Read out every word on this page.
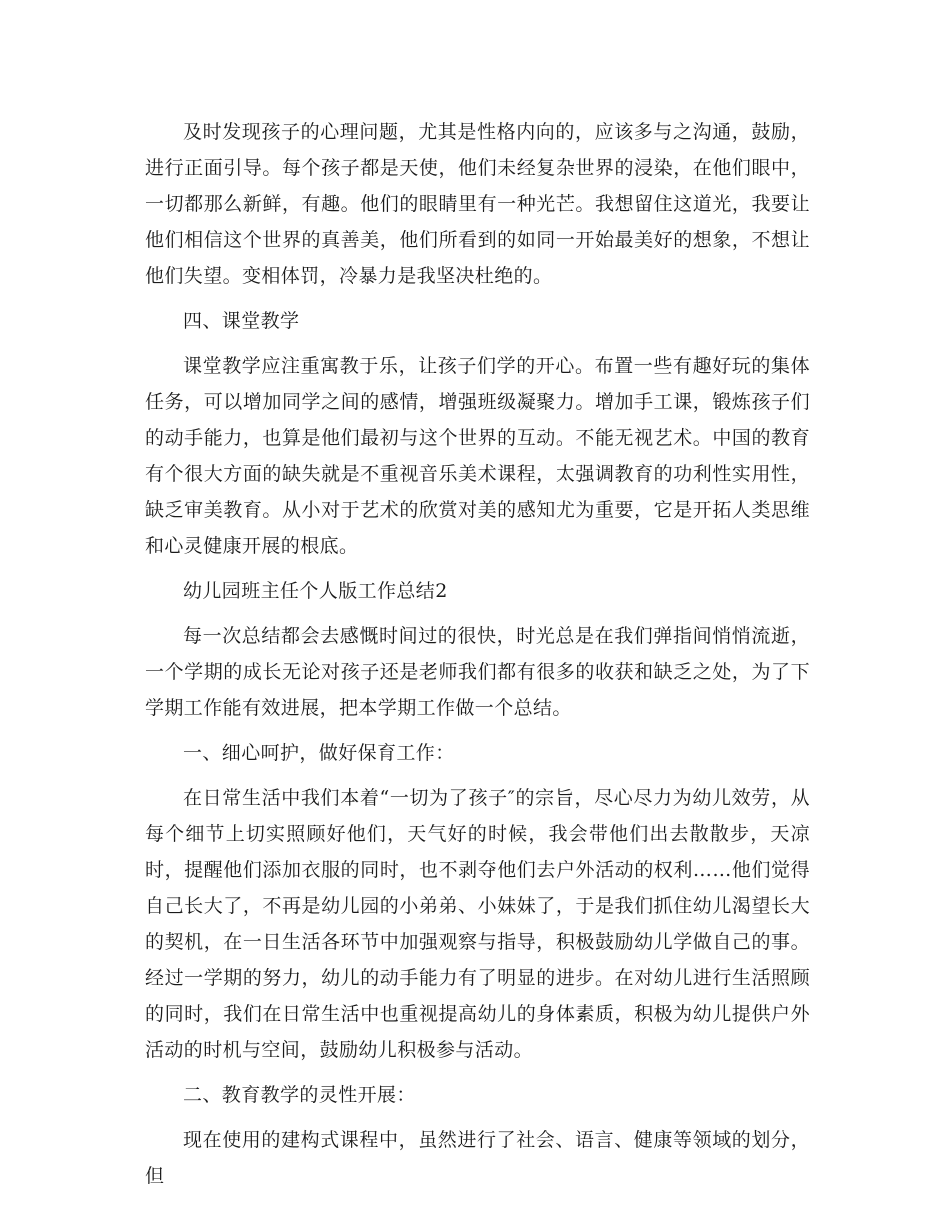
及时发现孩子的心理问题，尤其是性格内向的，应该多与之沟通，鼓励，进行正面引导。每个孩子都是天使，他们未经复杂世界的浸染，在他们眼中，一切都那么新鲜，有趣。他们的眼睛里有一种光芒。我想留住这道光，我要让他们相信这个世界的真善美，他们所看到的如同一开始最美好的想象，不想让他们失望。变相体罚，冷暴力是我坚决杜绝的。

四、课堂教学

课堂教学应注重寓教于乐，让孩子们学的开心。布置一些有趣好玩的集体任务，可以增加同学之间的感情，增强班级凝聚力。增加手工课，锻炼孩子们的动手能力，也算是他们最初与这个世界的互动。不能无视艺术。中国的教育有个很大方面的缺失就是不重视音乐美术课程，太强调教育的功利性实用性，缺乏审美教育。从小对于艺术的欣赏对美的感知尤为重要，它是开拓人类思维和心灵健康开展的根底。

幼儿园班主任个人版工作总结2

每一次总结都会去感慨时间过的很快，时光总是在我们弹指间悄悄流逝，一个学期的成长无论对孩子还是老师我们都有很多的收获和缺乏之处，为了下学期工作能有效进展，把本学期工作做一个总结。

一、细心呵护，做好保育工作：

在日常生活中我们本着“一切为了孩子″的宗旨，尽心尽力为幼儿效劳，从每个细节上切实照顾好他们，天气好的时候，我会带他们出去散散步，天凉时，提醒他们添加衣服的同时，也不剥夺他们去户外活动的权利……他们觉得自己长大了，不再是幼儿园的小弟弟、小妹妹了，于是我们抓住幼儿渴望长大的契机，在一日生活各环节中加强观察与指导，积极鼓励幼儿学做自己的事。经过一学期的努力，幼儿的动手能力有了明显的进步。在对幼儿进行生活照顾的同时，我们在日常生活中也重视提高幼儿的身体素质，积极为幼儿提供户外活动的时机与空间，鼓励幼儿积极参与活动。

二、教育教学的灵性开展：

现在使用的建构式课程中，虽然进行了社会、语言、健康等领域的划分，但
